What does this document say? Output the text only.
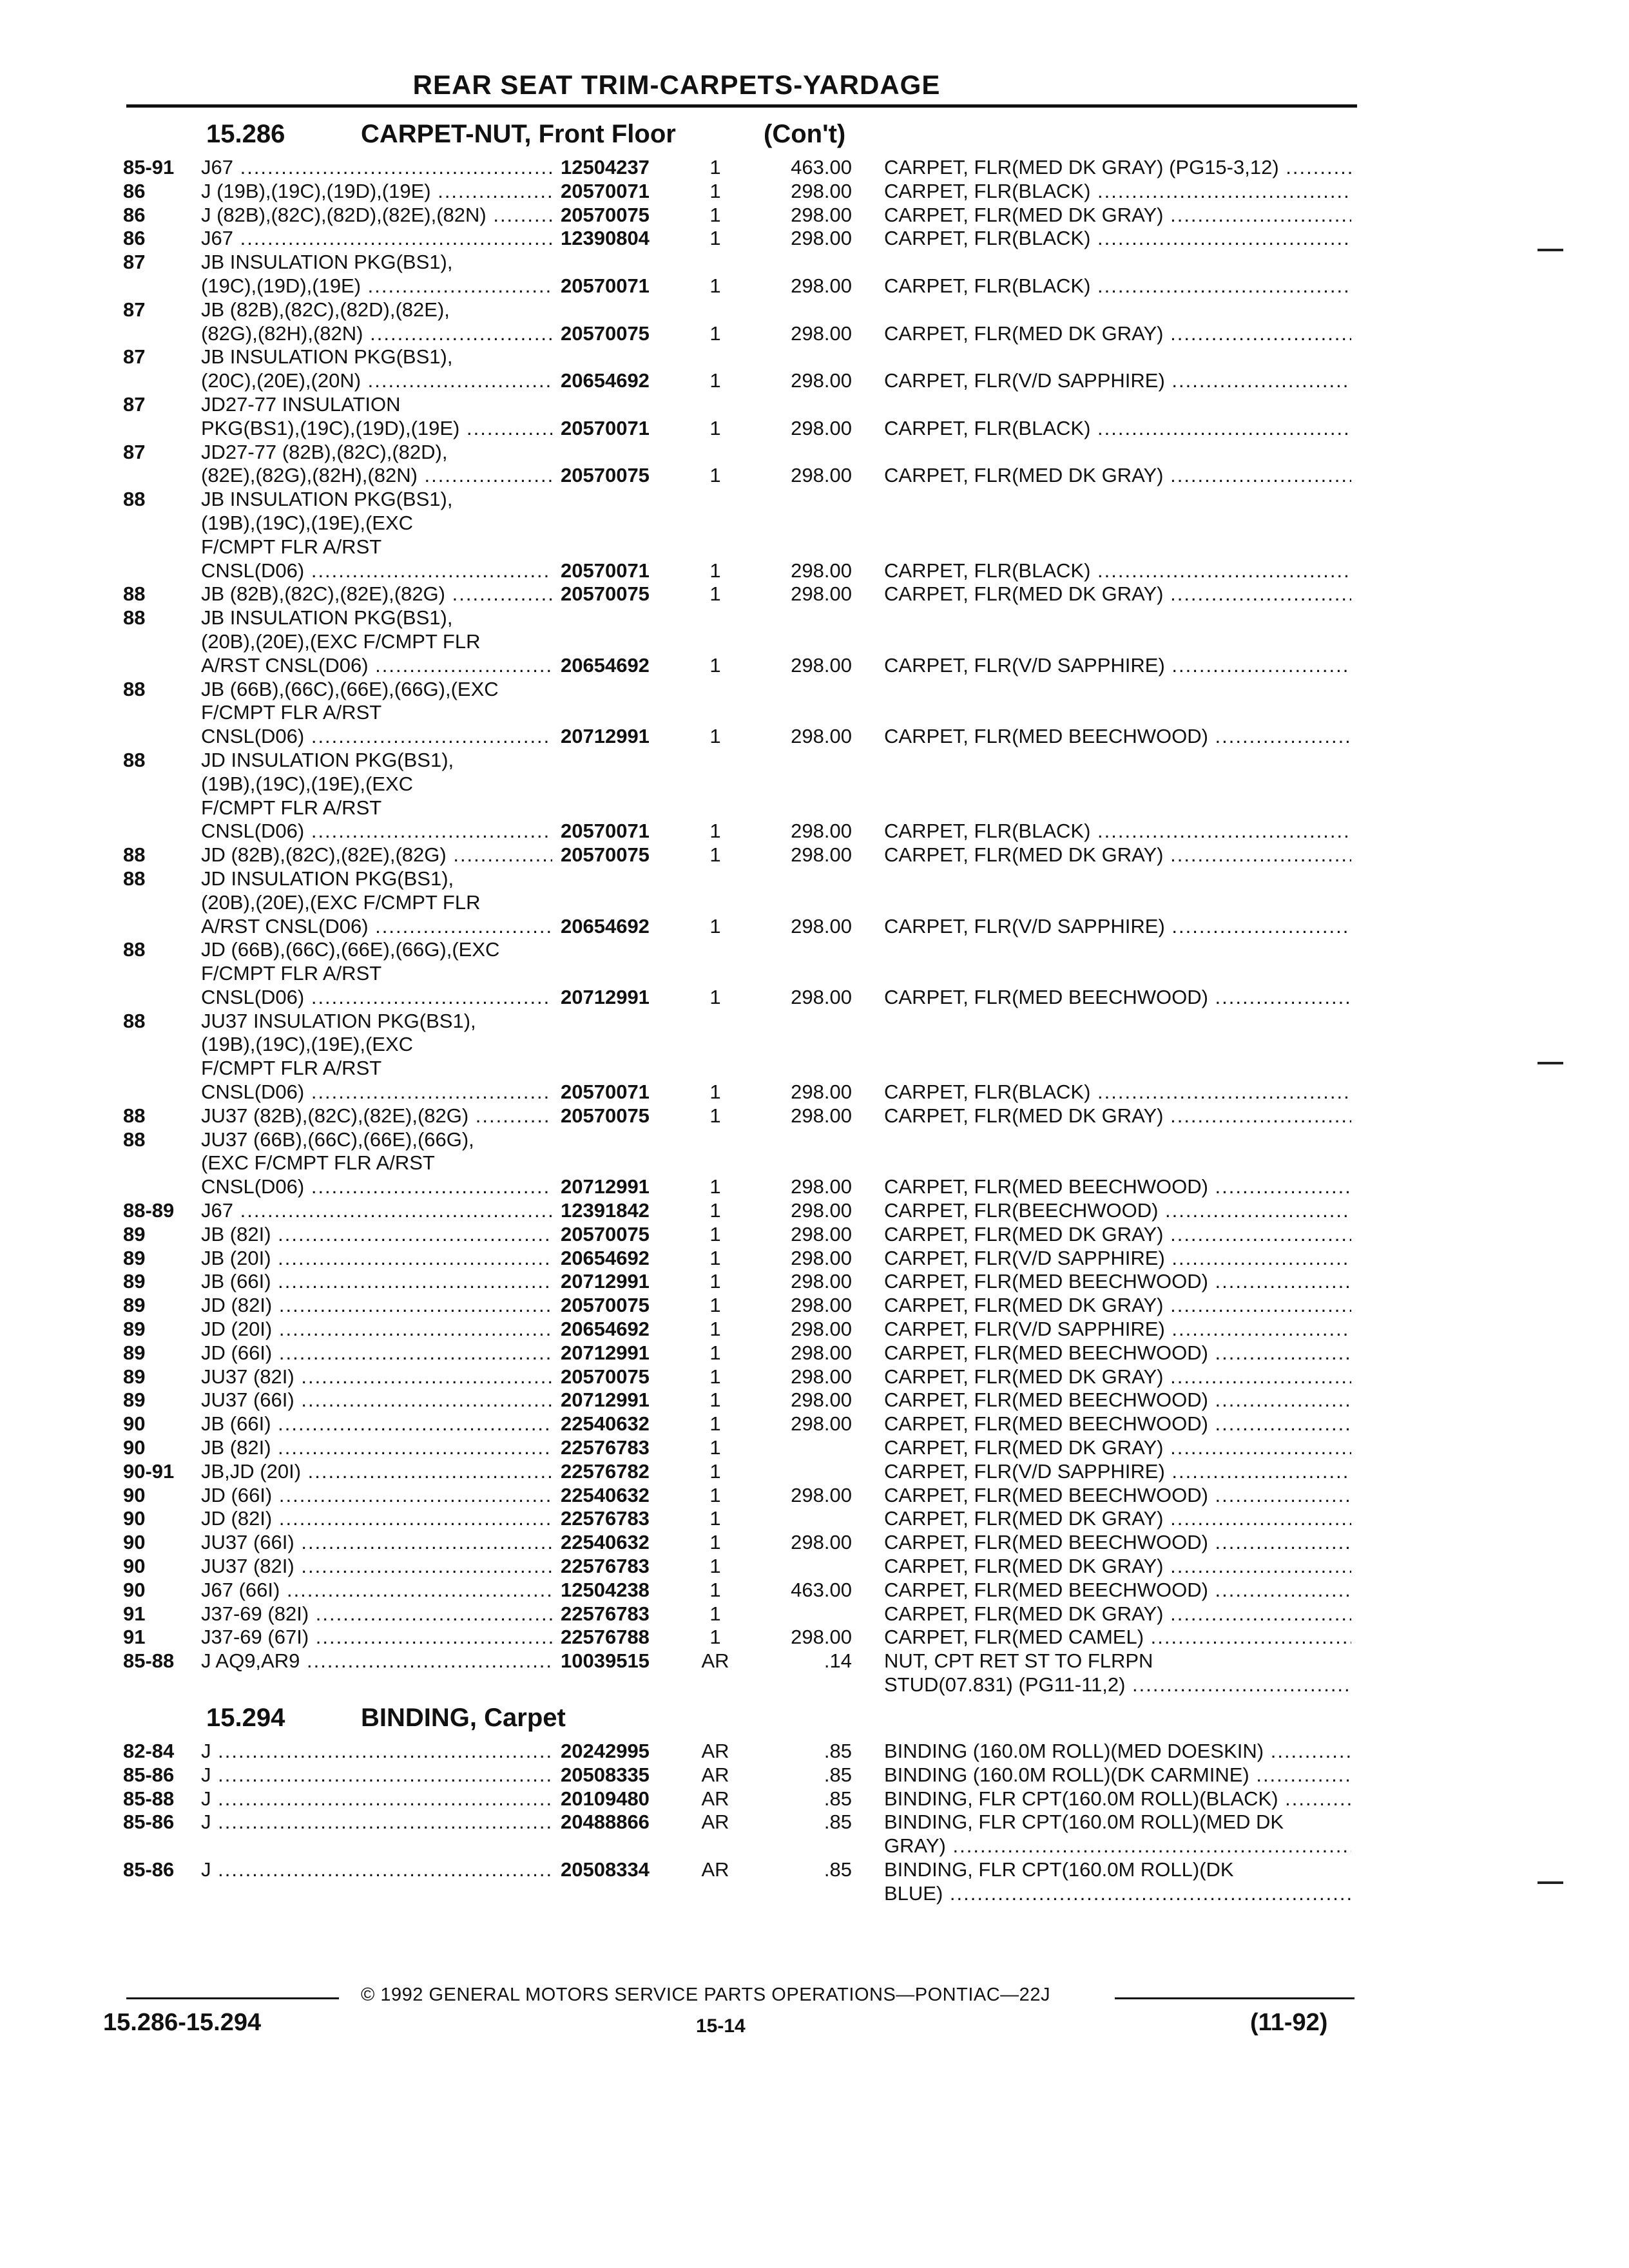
REAR SEAT TRIM-CARPETS-YARDAGE
15.286	CARPET-NUT, Front Floor	(Con't)
85-91 J67 .....	12504237	1	463.00 CARPET, FLR(MED DK GRAY) (PG15-3,12) .....
86	J (19B),(19C),(19D),(19E) .....	20570071	1	298.00 CARPET, FLR(BLACK) .....
86	J (82B),(82C),(82D),(82E),(82N) .....	20570075	1	298.00 CARPET, FLR(MED DK GRAY) .....
86	J67 .....	12390804	1	298.00 CARPET, FLR(BLACK) .....
87	JB INSULATION PKG(BS1),
(19C),(19D),(19E) .....	20570071	1	298.00 CARPET, FLR(BLACK) .....
87	JB (82B),(82C),(82D),(82E),
(82G),(82H),(82N) .....	20570075	1	298.00 CARPET, FLR(MED DK GRAY) .....
87	JB INSULATION PKG(BS1),
(20C),(20E),(20N) .....	20654692	1	298.00 CARPET, FLR(V/D SAPPHIRE) .....
87	JD27-77 INSULATION
PKG(BS1),(19C),(19D),(19E) .....	20570071	1	298.00 CARPET, FLR(BLACK) .....
87	JD27-77 (82B),(82C),(82D),
(82E),(82G),(82H),(82N) .....	20570075	1	298.00 CARPET, FLR(MED DK GRAY) .....
88	JB INSULATION PKG(BS1),
(19B),(19C),(19E),(EXC
F/CMPT FLR A/RST
CNSL(D06) .....	20570071	1	298.00 CARPET, FLR(BLACK) .....
88	JB (82B),(82C),(82E),(82G) .....	20570075	1	298.00 CARPET, FLR(MED DK GRAY) .....
88	JB INSULATION PKG(BS1),
(20B),(20E),(EXC F/CMPT FLR
A/RST CNSL(D06) .....	20654692	1	298.00 CARPET, FLR(V/D SAPPHIRE) .....
88	JB (66B),(66C),(66E),(66G),(EXC
F/CMPT FLR A/RST
CNSL(D06) .....	20712991	1	298.00 CARPET, FLR(MED BEECHWOOD) .....
88	JD INSULATION PKG(BS1),
(19B),(19C),(19E),(EXC
F/CMPT FLR A/RST
CNSL(D06) .....	20570071	1	298.00 CARPET, FLR(BLACK) .....
88	JD (82B),(82C),(82E),(82G) .....	20570075	1	298.00 CARPET, FLR(MED DK GRAY) .....
88	JD INSULATION PKG(BS1),
(20B),(20E),(EXC F/CMPT FLR
A/RST CNSL(D06) .....	20654692	1	298.00 CARPET, FLR(V/D SAPPHIRE) .....
88	JD (66B),(66C),(66E),(66G),(EXC
F/CMPT FLR A/RST
CNSL(D06) .....	20712991	1	298.00 CARPET, FLR(MED BEECHWOOD) .....
88	JU37 INSULATION PKG(BS1),
(19B),(19C),(19E),(EXC
F/CMPT FLR A/RST
CNSL(D06) .....	20570071	1	298.00 CARPET, FLR(BLACK) .....
88	JU37 (82B),(82C),(82E),(82G) .....	20570075	1	298.00 CARPET, FLR(MED DK GRAY) .....
88	JU37 (66B),(66C),(66E),(66G),
(EXC F/CMPT FLR A/RST
CNSL(D06) .....	20712991	1	298.00 CARPET, FLR(MED BEECHWOOD) .....
88-89 J67 .....	12391842	1	298.00 CARPET, FLR(BEECHWOOD) .....
89	JB (82I) .....	20570075	1	298.00 CARPET, FLR(MED DK GRAY) .....
89	JB (20I) .....	20654692	1	298.00 CARPET, FLR(V/D SAPPHIRE) .....
89	JB (66I) .....	20712991	1	298.00 CARPET, FLR(MED BEECHWOOD) .....
89	JD (82I) .....	20570075	1	298.00 CARPET, FLR(MED DK GRAY) .....
89	JD (20I) .....	20654692	1	298.00 CARPET, FLR(V/D SAPPHIRE) .....
89	JD (66I) .....	20712991	1	298.00 CARPET, FLR(MED BEECHWOOD) .....
89	JU37 (82I) .....	20570075	1	298.00 CARPET, FLR(MED DK GRAY) .....
89	JU37 (66I) .....	20712991	1	298.00 CARPET, FLR(MED BEECHWOOD) .....
90	JB (66I) .....	22540632	1	298.00 CARPET, FLR(MED BEECHWOOD) .....
90	JB (82I) .....	22576783	1	CARPET, FLR(MED DK GRAY) .....
90-91 JB,JD (20I) .....	22576782	1	CARPET, FLR(V/D SAPPHIRE) .....
90	JD (66I) .....	22540632	1	298.00 CARPET, FLR(MED BEECHWOOD) .....
90	JD (82I) .....	22576783	1	CARPET, FLR(MED DK GRAY) .....
90	JU37 (66I) .....	22540632	1	298.00 CARPET, FLR(MED BEECHWOOD) .....
90	JU37 (82I) .....	22576783	1	CARPET, FLR(MED DK GRAY) .....
90	J67 (66I) .....	12504238	1	463.00 CARPET, FLR(MED BEECHWOOD) .....
91	J37-69 (82I) .....	22576783	1	CARPET, FLR(MED DK GRAY) .....
91	J37-69 (67I) .....	22576788	1	298.00 CARPET, FLR(MED CAMEL) .....
85-88 J AQ9,AR9 .....	10039515	AR	.14 NUT, CPT RET ST TO FLRPN
STUD(07.831) (PG11-11,2) .....
15.294	BINDING, Carpet
82-84 J .....	20242995	AR	.85 BINDING (160.0M ROLL)(MED DOESKIN) .....
85-86 J .....	20508335	AR	.85 BINDING (160.0M ROLL)(DK CARMINE) .....
85-88 J .....	20109480	AR	.85 BINDING, FLR CPT(160.0M ROLL)(BLACK) .....
85-86 J .....	20488866	AR	.85 BINDING, FLR CPT(160.0M ROLL)(MED DK
GRAY) .....
85-86 J .....	20508334	AR	.85 BINDING, FLR CPT(160.0M ROLL)(DK
BLUE) .....
© 1992 GENERAL MOTORS SERVICE PARTS OPERATIONS—PONTIAC—22J
15.286-15.294	15-14	(11-92)
